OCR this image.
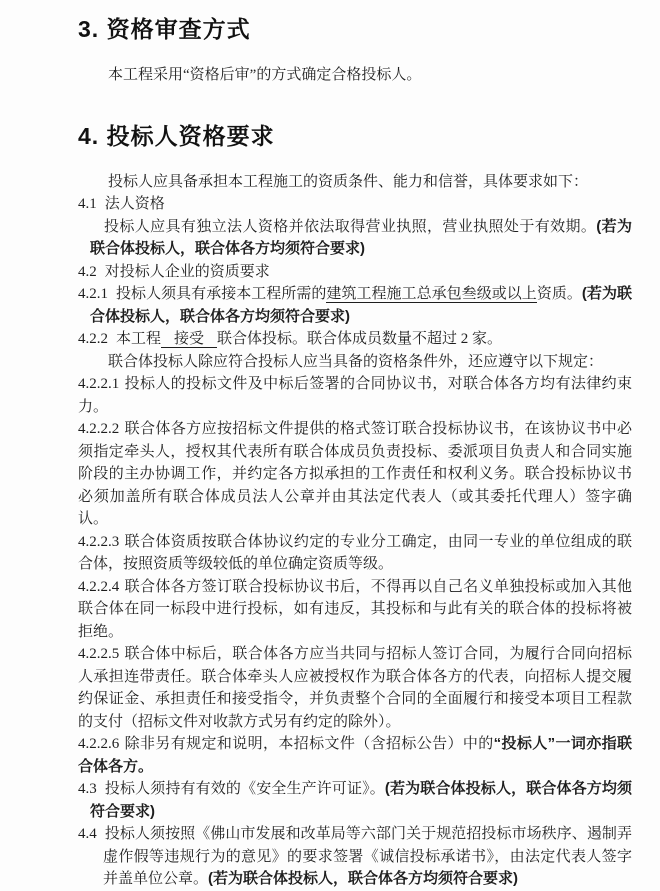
3. 资格审查方式

本工程采用“资格后审”的方式确定合格投标人。

4. 投标人资格要求

投标人应具备承担本工程施工的资质条件、能力和信誉，具体要求如下：

4.1 法人资格

投标人应具有独立法人资格并依法取得营业执照，营业执照处于有效期。(若为联合体投标人，联合体各方均须符合要求)

4.2 对投标人企业的资质要求

4.2.1 投标人须具有承接本工程所需的建筑工程施工总承包叁级或以上资质。(若为联合体投标人，联合体各方均须符合要求)

4.2.2 本工程 接受 联合体投标。联合体成员数量不超过 2 家。

联合体投标人除应符合投标人应当具备的资格条件外，还应遵守以下规定：

4.2.2.1 投标人的投标文件及中标后签署的合同协议书，对联合体各方均有法律约束力。

4.2.2.2 联合体各方应按招标文件提供的格式签订联合投标协议书，在该协议书中必须指定牵头人，授权其代表所有联合体成员负责投标、委派项目负责人和合同实施阶段的主办协调工作，并约定各方拟承担的工作责任和权利义务。联合投标协议书必须加盖所有联合体成员法人公章并由其法定代表人（或其委托代理人）签字确认。

4.2.2.3 联合体资质按联合体协议约定的专业分工确定，由同一专业的单位组成的联合体，按照资质等级较低的单位确定资质等级。

4.2.2.4 联合体各方签订联合投标协议书后，不得再以自己名义单独投标或加入其他联合体在同一标段中进行投标，如有违反，其投标和与此有关的联合体的投标将被拒绝。

4.2.2.5 联合体中标后，联合体各方应当共同与招标人签订合同，为履行合同向招标人承担连带责任。联合体牵头人应被授权作为联合体各方的代表，向招标人提交履约保证金、承担责任和接受指令，并负责整个合同的全面履行和接受本项目工程款的支付（招标文件对收款方式另有约定的除外）。

4.2.2.6 除非另有规定和说明，本招标文件（含招标公告）中的“投标人”一词亦指联合体各方。

4.3 投标人须持有有效的《安全生产许可证》。(若为联合体投标人，联合体各方均须符合要求)

4.4 投标人须按照《佛山市发展和改革局等六部门关于规范招投标市场秩序、遏制弄虚作假等违规行为的意见》的要求签署《诚信投标承诺书》，由法定代表人签字并盖单位公章。(若为联合体投标人，联合体各方均须符合要求)
